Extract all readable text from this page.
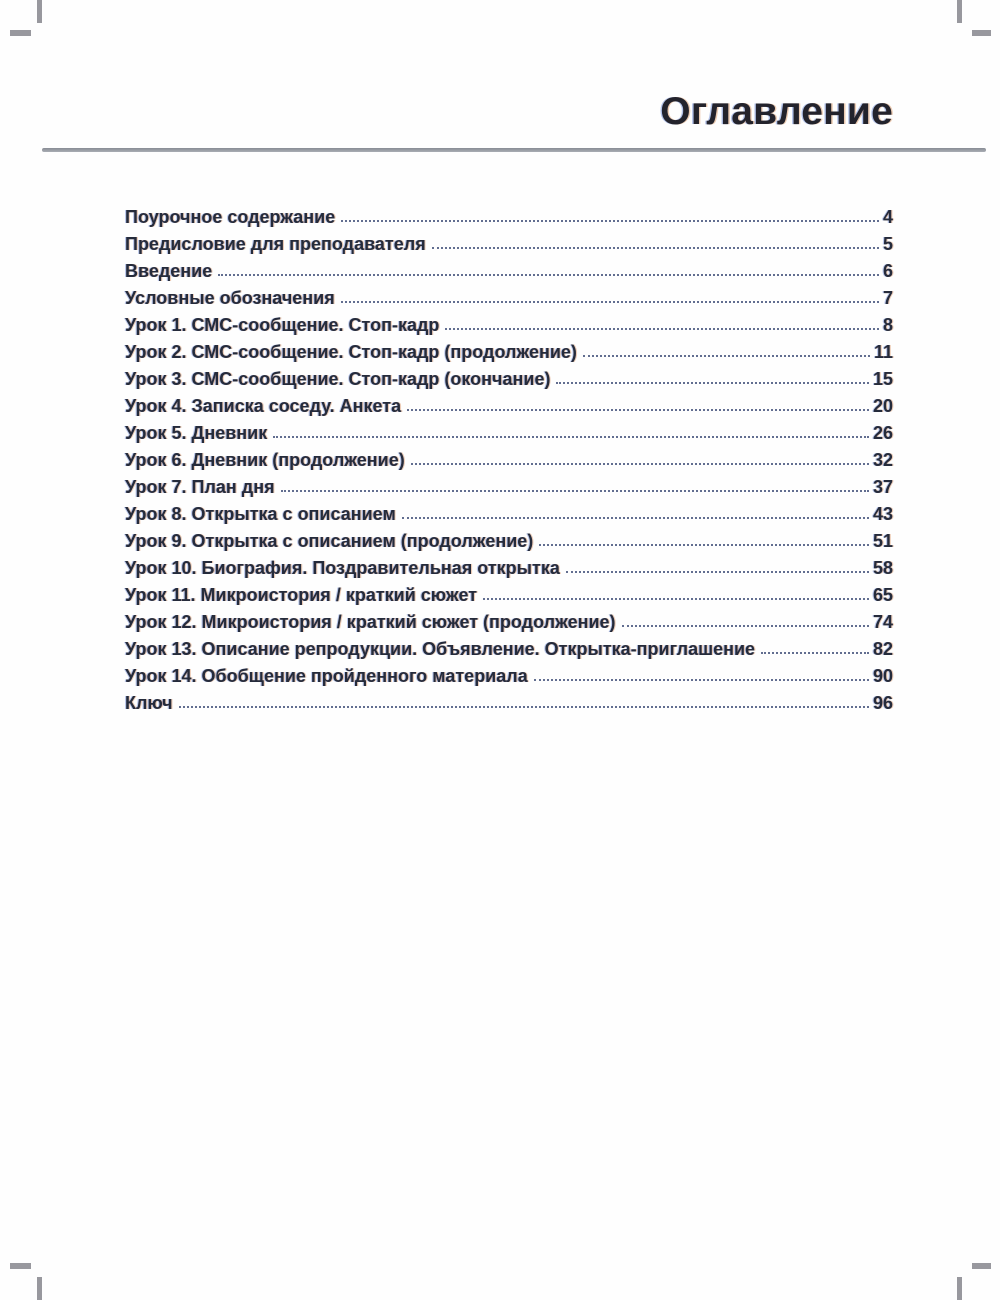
Оглавление
Поурочное содержание	4
Предисловие для преподавателя	5
Введение	6
Условные обозначения	7
Урок 1. СМС-сообщение. Стоп-кадр	8
Урок 2. СМС-сообщение. Стоп-кадр (продолжение)	11
Урок 3. СМС-сообщение. Стоп-кадр (окончание)	15
Урок 4. Записка соседу. Анкета	20
Урок 5. Дневник	26
Урок 6. Дневник (продолжение)	32
Урок 7. План дня	37
Урок 8. Открытка с описанием	43
Урок 9. Открытка с описанием (продолжение)	51
Урок 10. Биография. Поздравительная открытка	58
Урок 11. Микроистория / краткий сюжет	65
Урок 12. Микроистория / краткий сюжет (продолжение)	74
Урок 13. Описание репродукции. Объявление. Открытка-приглашение	82
Урок 14. Обобщение пройденного материала	90
Ключ	96
